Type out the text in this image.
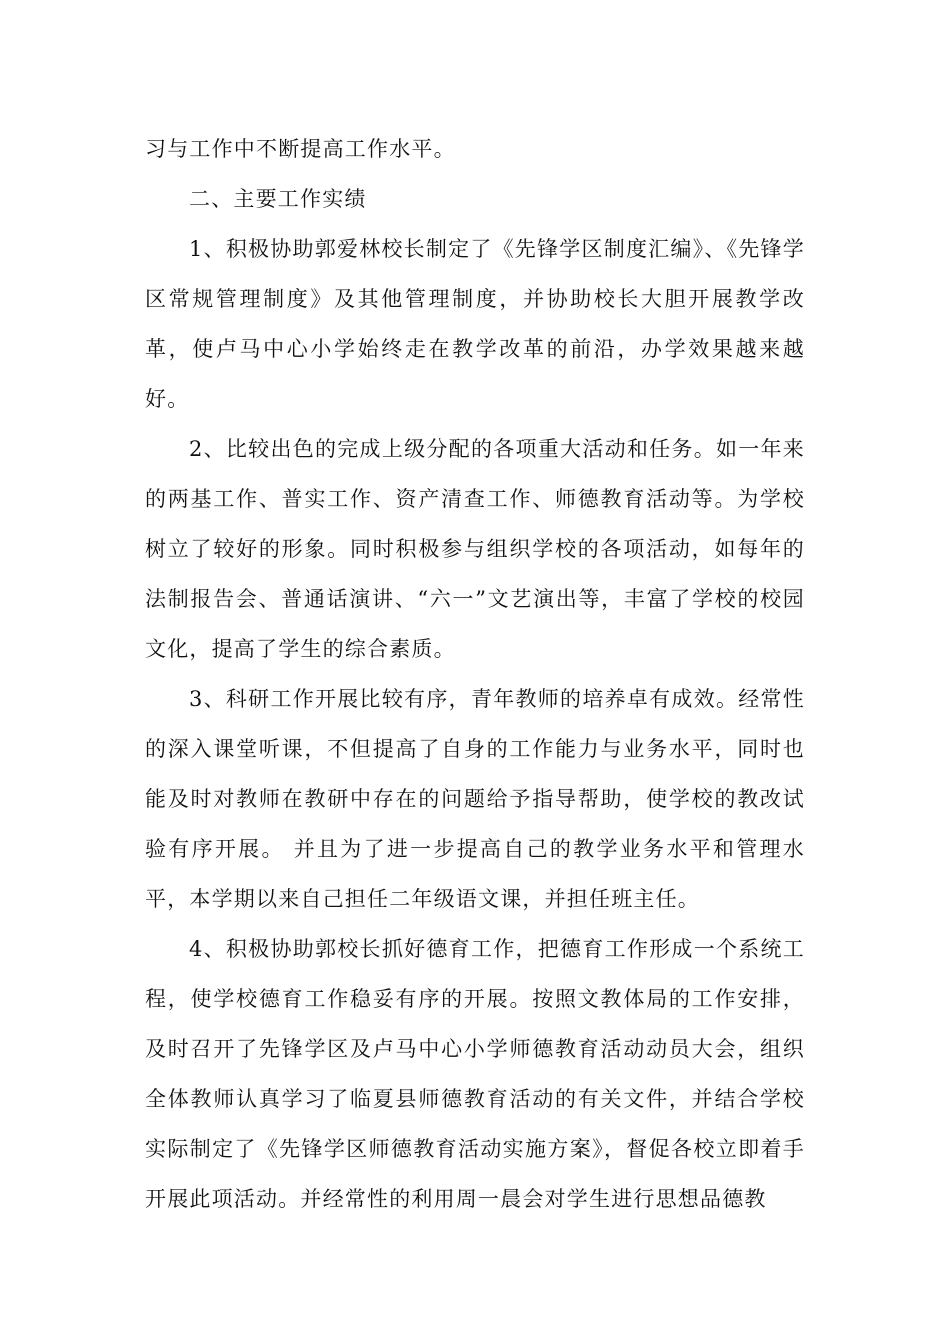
习与工作中不断提高工作水平。

二、主要工作实绩

1、积极协助郭爱林校长制定了《先锋学区制度汇编》、《先锋学区常规管理制度》及其他管理制度，并协助校长大胆开展教学改革，使卢马中心小学始终走在教学改革的前沿，办学效果越来越好。

2、比较出色的完成上级分配的各项重大活动和任务。如一年来的两基工作、普实工作、资产清查工作、师德教育活动等。为学校树立了较好的形象。同时积极参与组织学校的各项活动，如每年的法制报告会、普通话演讲、“六一”文艺演出等，丰富了学校的校园文化，提高了学生的综合素质。

3、科研工作开展比较有序，青年教师的培养卓有成效。经常性的深入课堂听课，不但提高了自身的工作能力与业务水平，同时也能及时对教师在教研中存在的问题给予指导帮助，使学校的教改试验有序开展。 并且为了进一步提高自己的教学业务水平和管理水平，本学期以来自己担任二年级语文课，并担任班主任。

4、积极协助郭校长抓好德育工作，把德育工作形成一个系统工程，使学校德育工作稳妥有序的开展。按照文教体局的工作安排，及时召开了先锋学区及卢马中心小学师德教育活动动员大会，组织全体教师认真学习了临夏县师德教育活动的有关文件，并结合学校实际制定了《先锋学区师德教育活动实施方案》，督促各校立即着手开展此项活动。并经常性的利用周一晨会对学生进行思想品德教
